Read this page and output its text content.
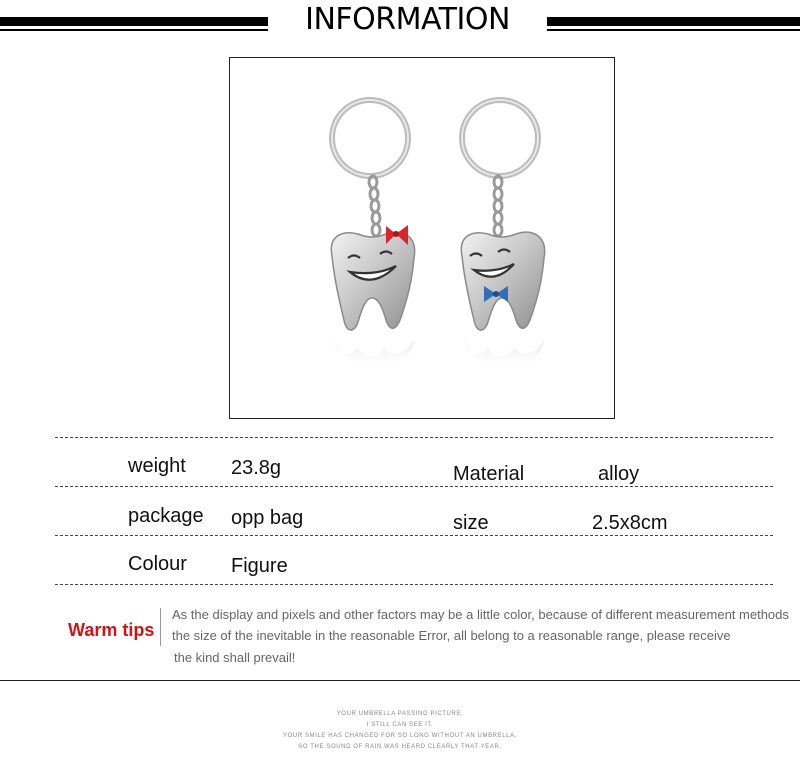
INFORMATION
weight 23.8g	Material	alloy
package opp bag	size	2.5x8cm
Colour Figure
Warm tips
As the display and pixels and other factors may be a little color, because of different measurement methods
the size of the inevitable in the reasonable Error, all belong to a reasonable range, please receive
the kind shall prevail!
YOUR UMBRELLA PASSING PICTURE,
I STILL CAN SEE IT.
YOUR SMILE HAS CHANGED FOR SO LONG WITHOUT AN UMBRELLA,
SO THE SOUND OF RAIN WAS HEARD CLEARLY THAT YEAR.
